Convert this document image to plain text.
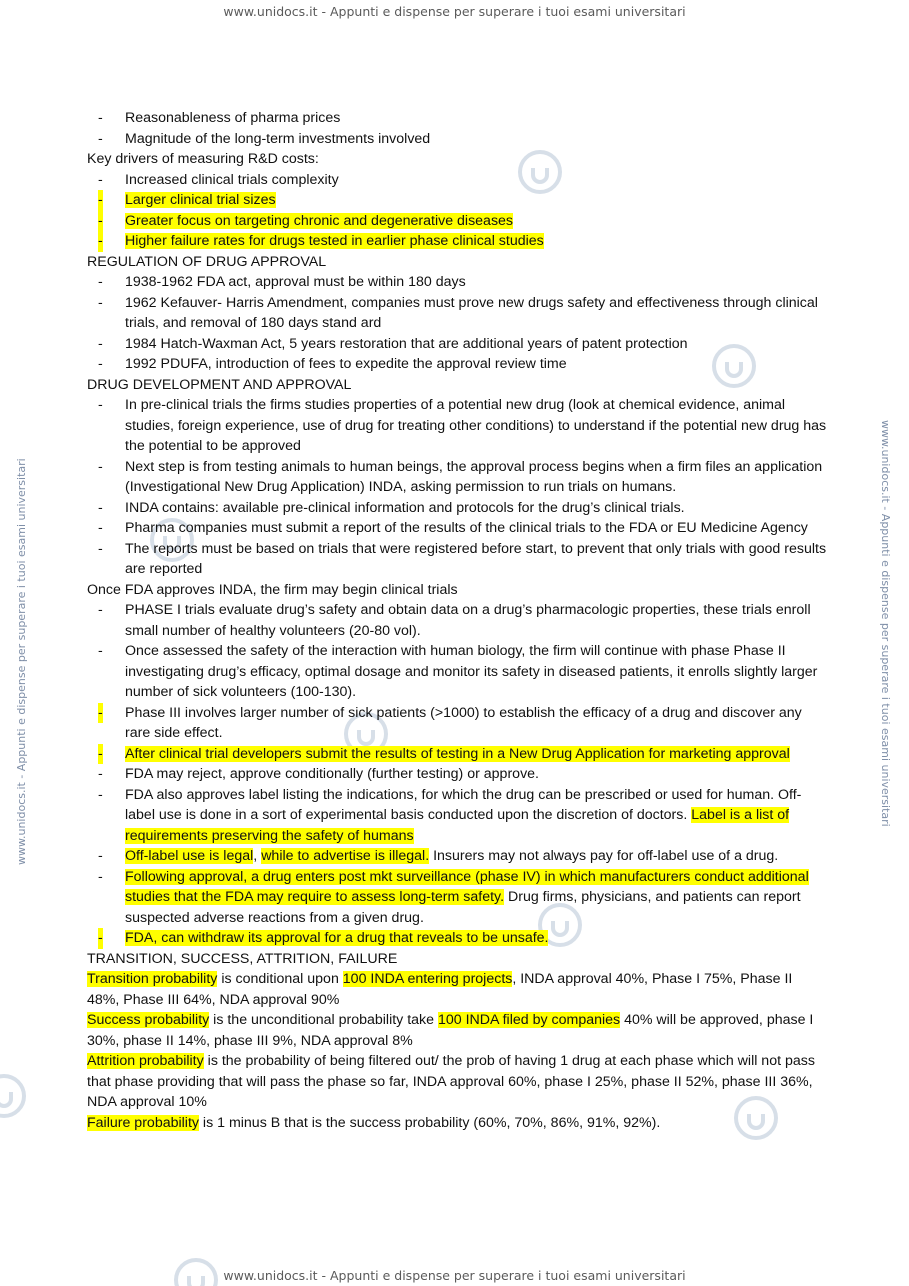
www.unidocs.it - Appunti e dispense per superare i tuoi esami universitari
www.unidocs.it - Appunti e dispense per superare i tuoi esami universitari	www.unidocs.it - Appunti e dispense per superare i tuoi esami universitari
- Reasonableness of pharma prices
- Magnitude of the long-term investments involved

Key drivers of measuring R&D costs:

- Increased clinical trials complexity
- Larger clinical trial sizes
- Greater focus on targeting chronic and degenerative diseases
- Higher failure rates for drugs tested in earlier phase clinical studies

REGULATION OF DRUG APPROVAL

- 1938-1962 FDA act, approval must be within 180 days
- 1962 Kefauver- Harris Amendment, companies must prove new drugs safety and effectiveness through clinical trials, and removal of 180 days stand ard
- 1984 Hatch-Waxman Act, 5 years restoration that are additional years of patent protection
- 1992 PDUFA, introduction of fees to expedite the approval review time

DRUG DEVELOPMENT AND APPROVAL

- In pre-clinical trials the firms studies properties of a potential new drug (look at chemical evidence, animal studies, foreign experience, use of drug for treating other conditions) to understand if the potential new drug has the potential to be approved
- Next step is from testing animals to human beings, the approval process begins when a firm files an application (Investigational New Drug Application) INDA, asking permission to run trials on humans.
- INDA contains: available pre-clinical information and protocols for the drug’s clinical trials.
- Pharma companies must submit a report of the results of the clinical trials to the FDA or EU Medicine Agency
- The reports must be based on trials that were registered before start, to prevent that only trials with good results are reported

Once FDA approves INDA, the firm may begin clinical trials

- PHASE I trials evaluate drug’s safety and obtain data on a drug’s pharmacologic properties, these trials enroll small number of healthy volunteers (20-80 vol).
- Once assessed the safety of the interaction with human biology, the firm will continue with phase Phase II investigating drug’s efficacy, optimal dosage and monitor its safety in diseased patients, it enrolls slightly larger number of sick volunteers (100-130).
- Phase III involves larger number of sick patients (>1000) to establish the efficacy of a drug and discover any rare side effect.
- After clinical trial developers submit the results of testing in a New Drug Application for marketing approval
- FDA may reject, approve conditionally (further testing) or approve.
- FDA also approves label listing the indications, for which the drug can be prescribed or used for human. Off-label use is done in a sort of experimental basis conducted upon the discretion of doctors. Label is a list of requirements preserving the safety of humans
- Off-label use is legal, while to advertise is illegal. Insurers may not always pay for off-label use of a drug.
- Following approval, a drug enters post mkt surveillance (phase IV) in which manufacturers conduct additional studies that the FDA may require to assess long-term safety. Drug firms, physicians, and patients can report suspected adverse reactions from a given drug.
- FDA, can withdraw its approval for a drug that reveals to be unsafe.

TRANSITION, SUCCESS, ATTRITION, FAILURE

Transition probability is conditional upon 100 INDA entering projects, INDA approval 40%, Phase I 75%, Phase II 48%, Phase III 64%, NDA approval 90%

Success probability is the unconditional probability take 100 INDA filed by companies 40% will be approved, phase I 30%, phase II 14%, phase III 9%, NDA approval 8%

Attrition probability is the probability of being filtered out/ the prob of having 1 drug at each phase which will not pass that phase providing that will pass the phase so far, INDA approval 60%, phase I 25%, phase II 52%, phase III 36%, NDA approval 10%

Failure probability is 1 minus B that is the success probability (60%, 70%, 86%, 91%, 92%).

www.unidocs.it - Appunti e dispense per superare i tuoi esami universitari
